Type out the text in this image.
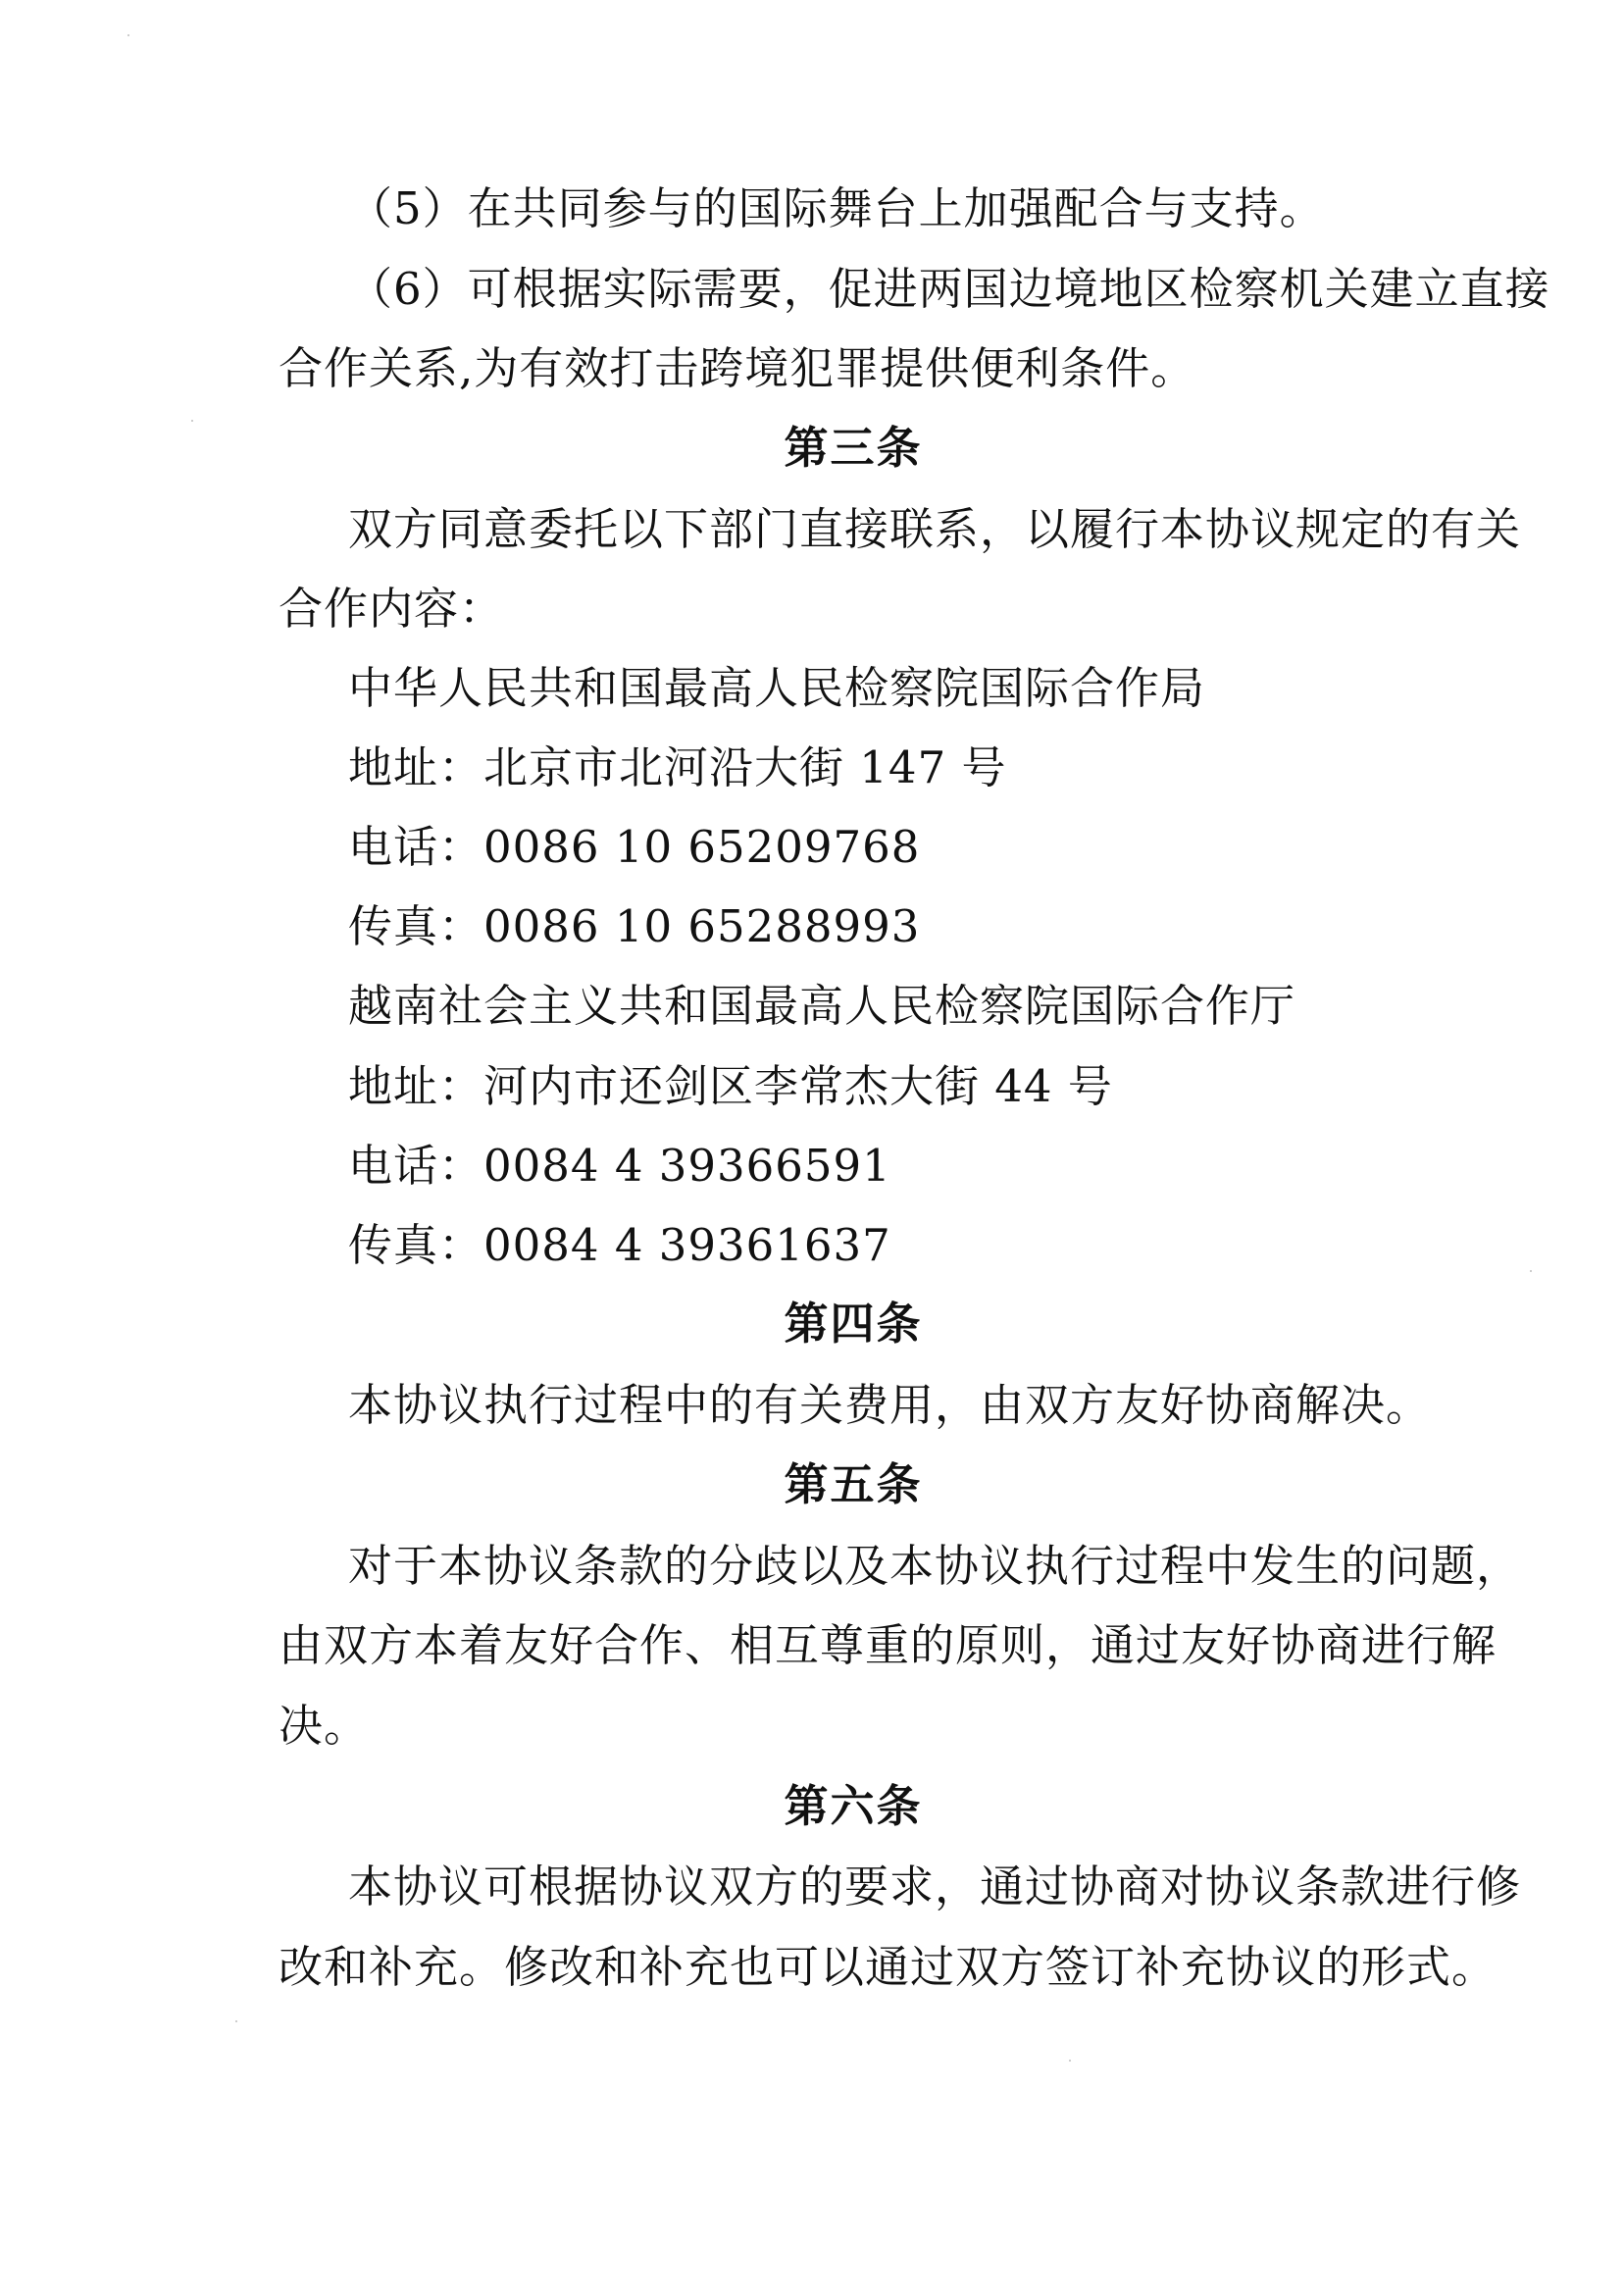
（5）在共同参与的国际舞台上加强配合与支持。
（6）可根据实际需要，促进两国边境地区检察机关建立直接
合作关系,为有效打击跨境犯罪提供便利条件。
第三条
双方同意委托以下部门直接联系，以履行本协议规定的有关
合作内容：
中华人民共和国最高人民检察院国际合作局
地址：北京市北河沿大街 147 号
电话：0086 10 65209768
传真：0086 10 65288993
越南社会主义共和国最高人民检察院国际合作厅
地址：河内市还剑区李常杰大街 44 号
电话：0084 4 39366591
传真：0084 4 39361637
第四条
本协议执行过程中的有关费用，由双方友好协商解决。
第五条
对于本协议条款的分歧以及本协议执行过程中发生的问题，
由双方本着友好合作、相互尊重的原则，通过友好协商进行解
决。
第六条
本协议可根据协议双方的要求，通过协商对协议条款进行修
改和补充。修改和补充也可以通过双方签订补充协议的形式。
